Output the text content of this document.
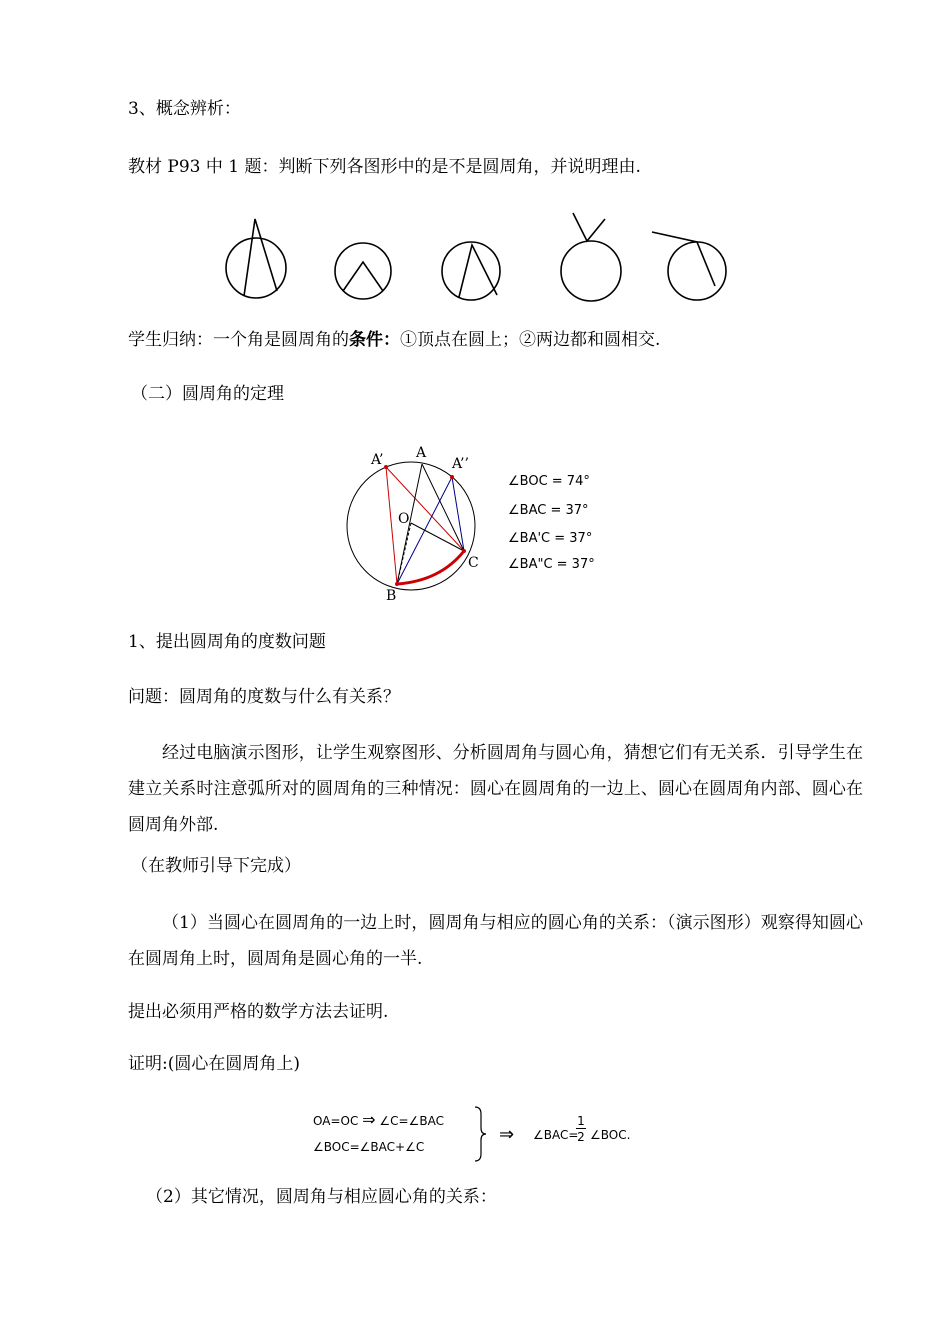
3、概念辨析：
教材 P93 中 1 题：判断下列各图形中的是不是圆周角，并说明理由.
学生归纳：一个角是圆周角的条件：①顶点在圆上；②两边都和圆相交.
（二）圆周角的定理
A’ A
A’’
O
B
C
∠BOC = 74°
∠BAC = 37°
∠BA'C = 37°
∠BA"C = 37°
1、提出圆周角的度数问题
问题：圆周角的度数与什么有关系？
经过电脑演示图形，让学生观察图形、分析圆周角与圆心角，猜想它们有无关系．引导学生在建立关系时注意弧所对的圆周角的三种情况：圆心在圆周角的一边上、圆心在圆周角内部、圆心在圆周角外部.
（在教师引导下完成）
（1）当圆心在圆周角的一边上时，圆周角与相应的圆心角的关系：（演示图形）观察得知圆心在圆周角上时，圆周角是圆心角的一半.
提出必须用严格的数学方法去证明.
证明:(圆心在圆周角上)
OA=OC ⇒ ∠C=∠BAC
∠BOC=∠BAC+∠C
⇒ ∠BAC=
1
2 ∠BOC.
（2）其它情况，圆周角与相应圆心角的关系：
